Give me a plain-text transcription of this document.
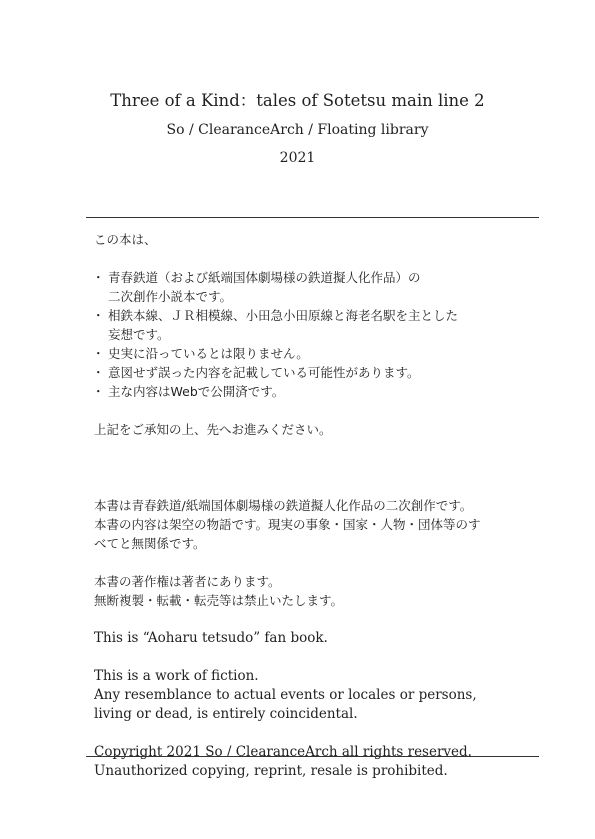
Three of a Kind：tales of Sotetsu main line 2

So / ClearanceArch / Floating library

2021

この本は、

・ 青春鉄道（および紙端国体劇場様の鉄道擬人化作品）の
二次創作小説本です。
・ 相鉄本線、ＪＲ相模線、小田急小田原線と海老名駅を主とした
妄想です。
・ 史実に沿っているとは限りません。
・ 意図せず誤った内容を記載している可能性があります。
・ 主な内容はWebで公開済です。

上記をご承知の上、先へお進みください。

本書は青春鉄道/紙端国体劇場様の鉄道擬人化作品の二次創作です。

本書の内容は架空の物語です。現実の事象・国家・人物・団体等のす

べてと無関係です。

本書の著作権は著者にあります。

無断複製・転載・転売等は禁止いたします。

This is “Aoharu tetsudo” fan book.

This is a work of fiction.

Any resemblance to actual events or locales or persons,

living or dead, is entirely coincidental.

Copyright 2021 So / ClearanceArch all rights reserved.

Unauthorized copying, reprint, resale is prohibited.
